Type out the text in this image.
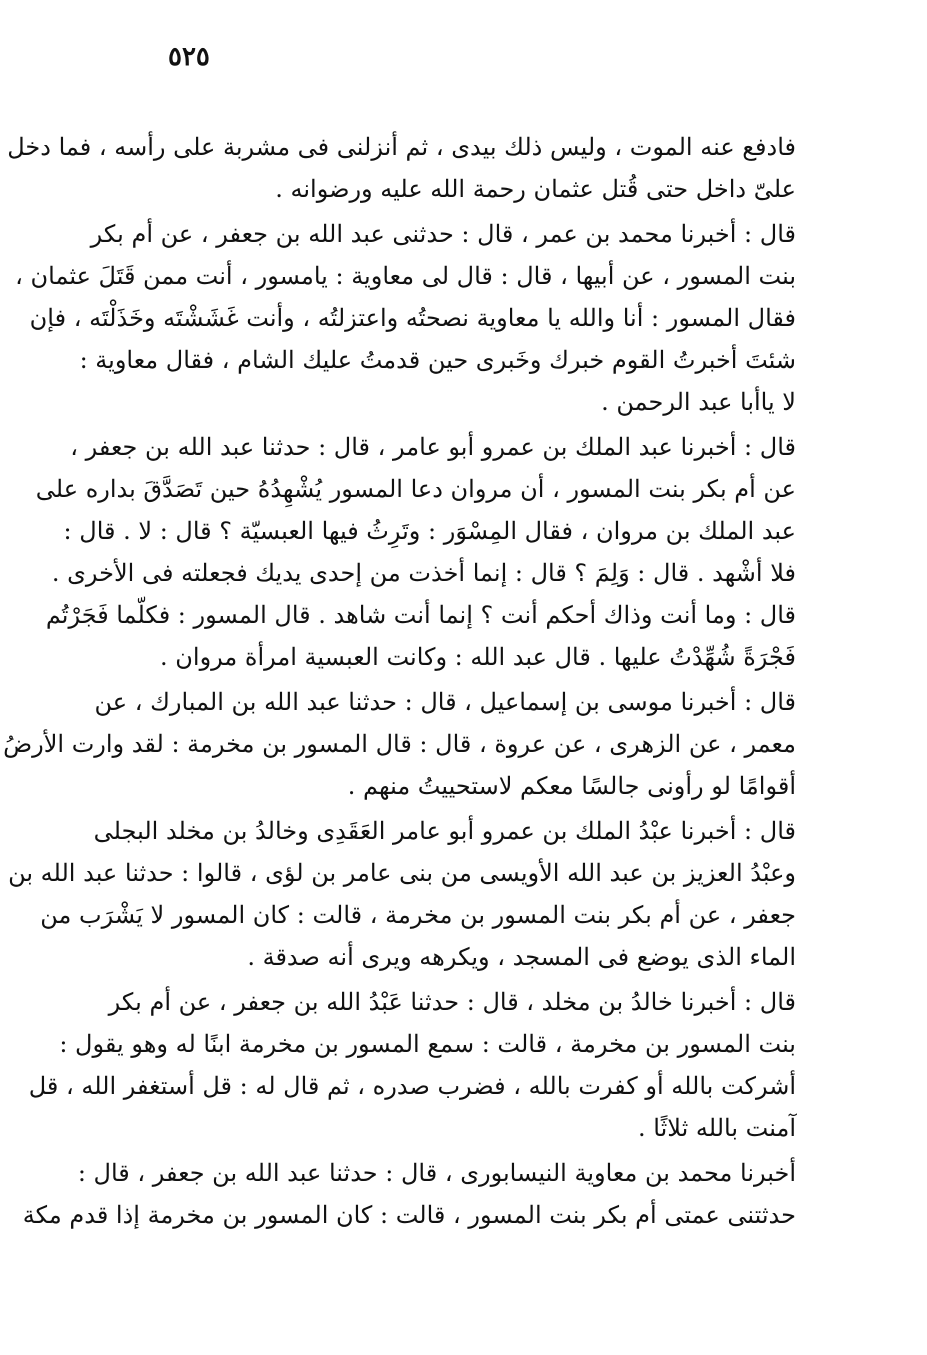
٥٢٥

فادفع عنه الموت ، وليس ذلك بيدى ، ثم أنزلنى فى مشربة على رأسه ، فما دخل
علىّ داخل حتى قُتل عثمان رحمة الله عليه ورضوانه .

قال : أخبرنا محمد بن عمر ، قال : حدثنى عبد الله بن جعفر ، عن أم بكر
بنت المسور ، عن أبيها ، قال : قال لى معاوية : يامسور ، أنت ممن قَتَلَ عثمان ،
فقال المسور : أنا والله يا معاوية نصحتُه واعتزلتُه ، وأنت غَشَشْتَه وخَذَلْتَه ، فإن
شئتَ أخبرتُ القوم خبرك وخَبرى حين قدمتُ عليك الشام ، فقال معاوية :
لا ياأبا عبد الرحمن .

قال : أخبرنا عبد الملك بن عمرو أبو عامر ، قال : حدثنا عبد الله بن جعفر ،
عن أم بكر بنت المسور ، أن مروان دعا المسور يُشْهِدُهُ حين تَصَدَّقَ بداره على
عبد الملك بن مروان ، فقال المِسْوَر : وتَرِثُ فيها العبسيّة ؟ قال : لا . قال :
فلا أشْهد . قال : وَلِمَ ؟ قال : إنما أخذت من إحدى يديك فجعلته فى الأخرى .
قال : وما أنت وذاك أحكم أنت ؟ إنما أنت شاهد . قال المسور : فكلّما فَجَرْتُم
فَجْرَةً شُهِّدْتُ عليها . قال عبد الله : وكانت العبسية امرأة مروان .

قال : أخبرنا موسى بن إسماعيل ، قال : حدثنا عبد الله بن المبارك ، عن
معمر ، عن الزهرى ، عن عروة ، قال : قال المسور بن مخرمة : لقد وارت الأرضُ
أقوامًا لو رأونى جالسًا معكم لاستحييتُ منهم .

قال : أخبرنا عبْدُ الملك بن عمرو أبو عامر العَقَدِى وخالدُ بن مخلد البجلى
وعبْدُ العزيز بن عبد الله الأويسى من بنى عامر بن لؤى ، قالوا : حدثنا عبد الله بن
جعفر ، عن أم بكر بنت المسور بن مخرمة ، قالت : كان المسور لا يَشْرَب من
الماء الذى يوضع فى المسجد ، ويكرهه ويرى أنه صدقة .

قال : أخبرنا خالدُ بن مخلد ، قال : حدثنا عَبْدُ الله بن جعفر ، عن أم بكر
بنت المسور بن مخرمة ، قالت : سمع المسور بن مخرمة ابنًا له وهو يقول :
أشركت بالله أو كفرت بالله ، فضرب صدره ، ثم قال له : قل أستغفر الله ، قل
آمنت بالله ثلاثًا .

أخبرنا محمد بن معاوية النيسابورى ، قال : حدثنا عبد الله بن جعفر ، قال :
حدثتنى عمتى أم بكر بنت المسور ، قالت : كان المسور بن مخرمة إذا قدم مكة
